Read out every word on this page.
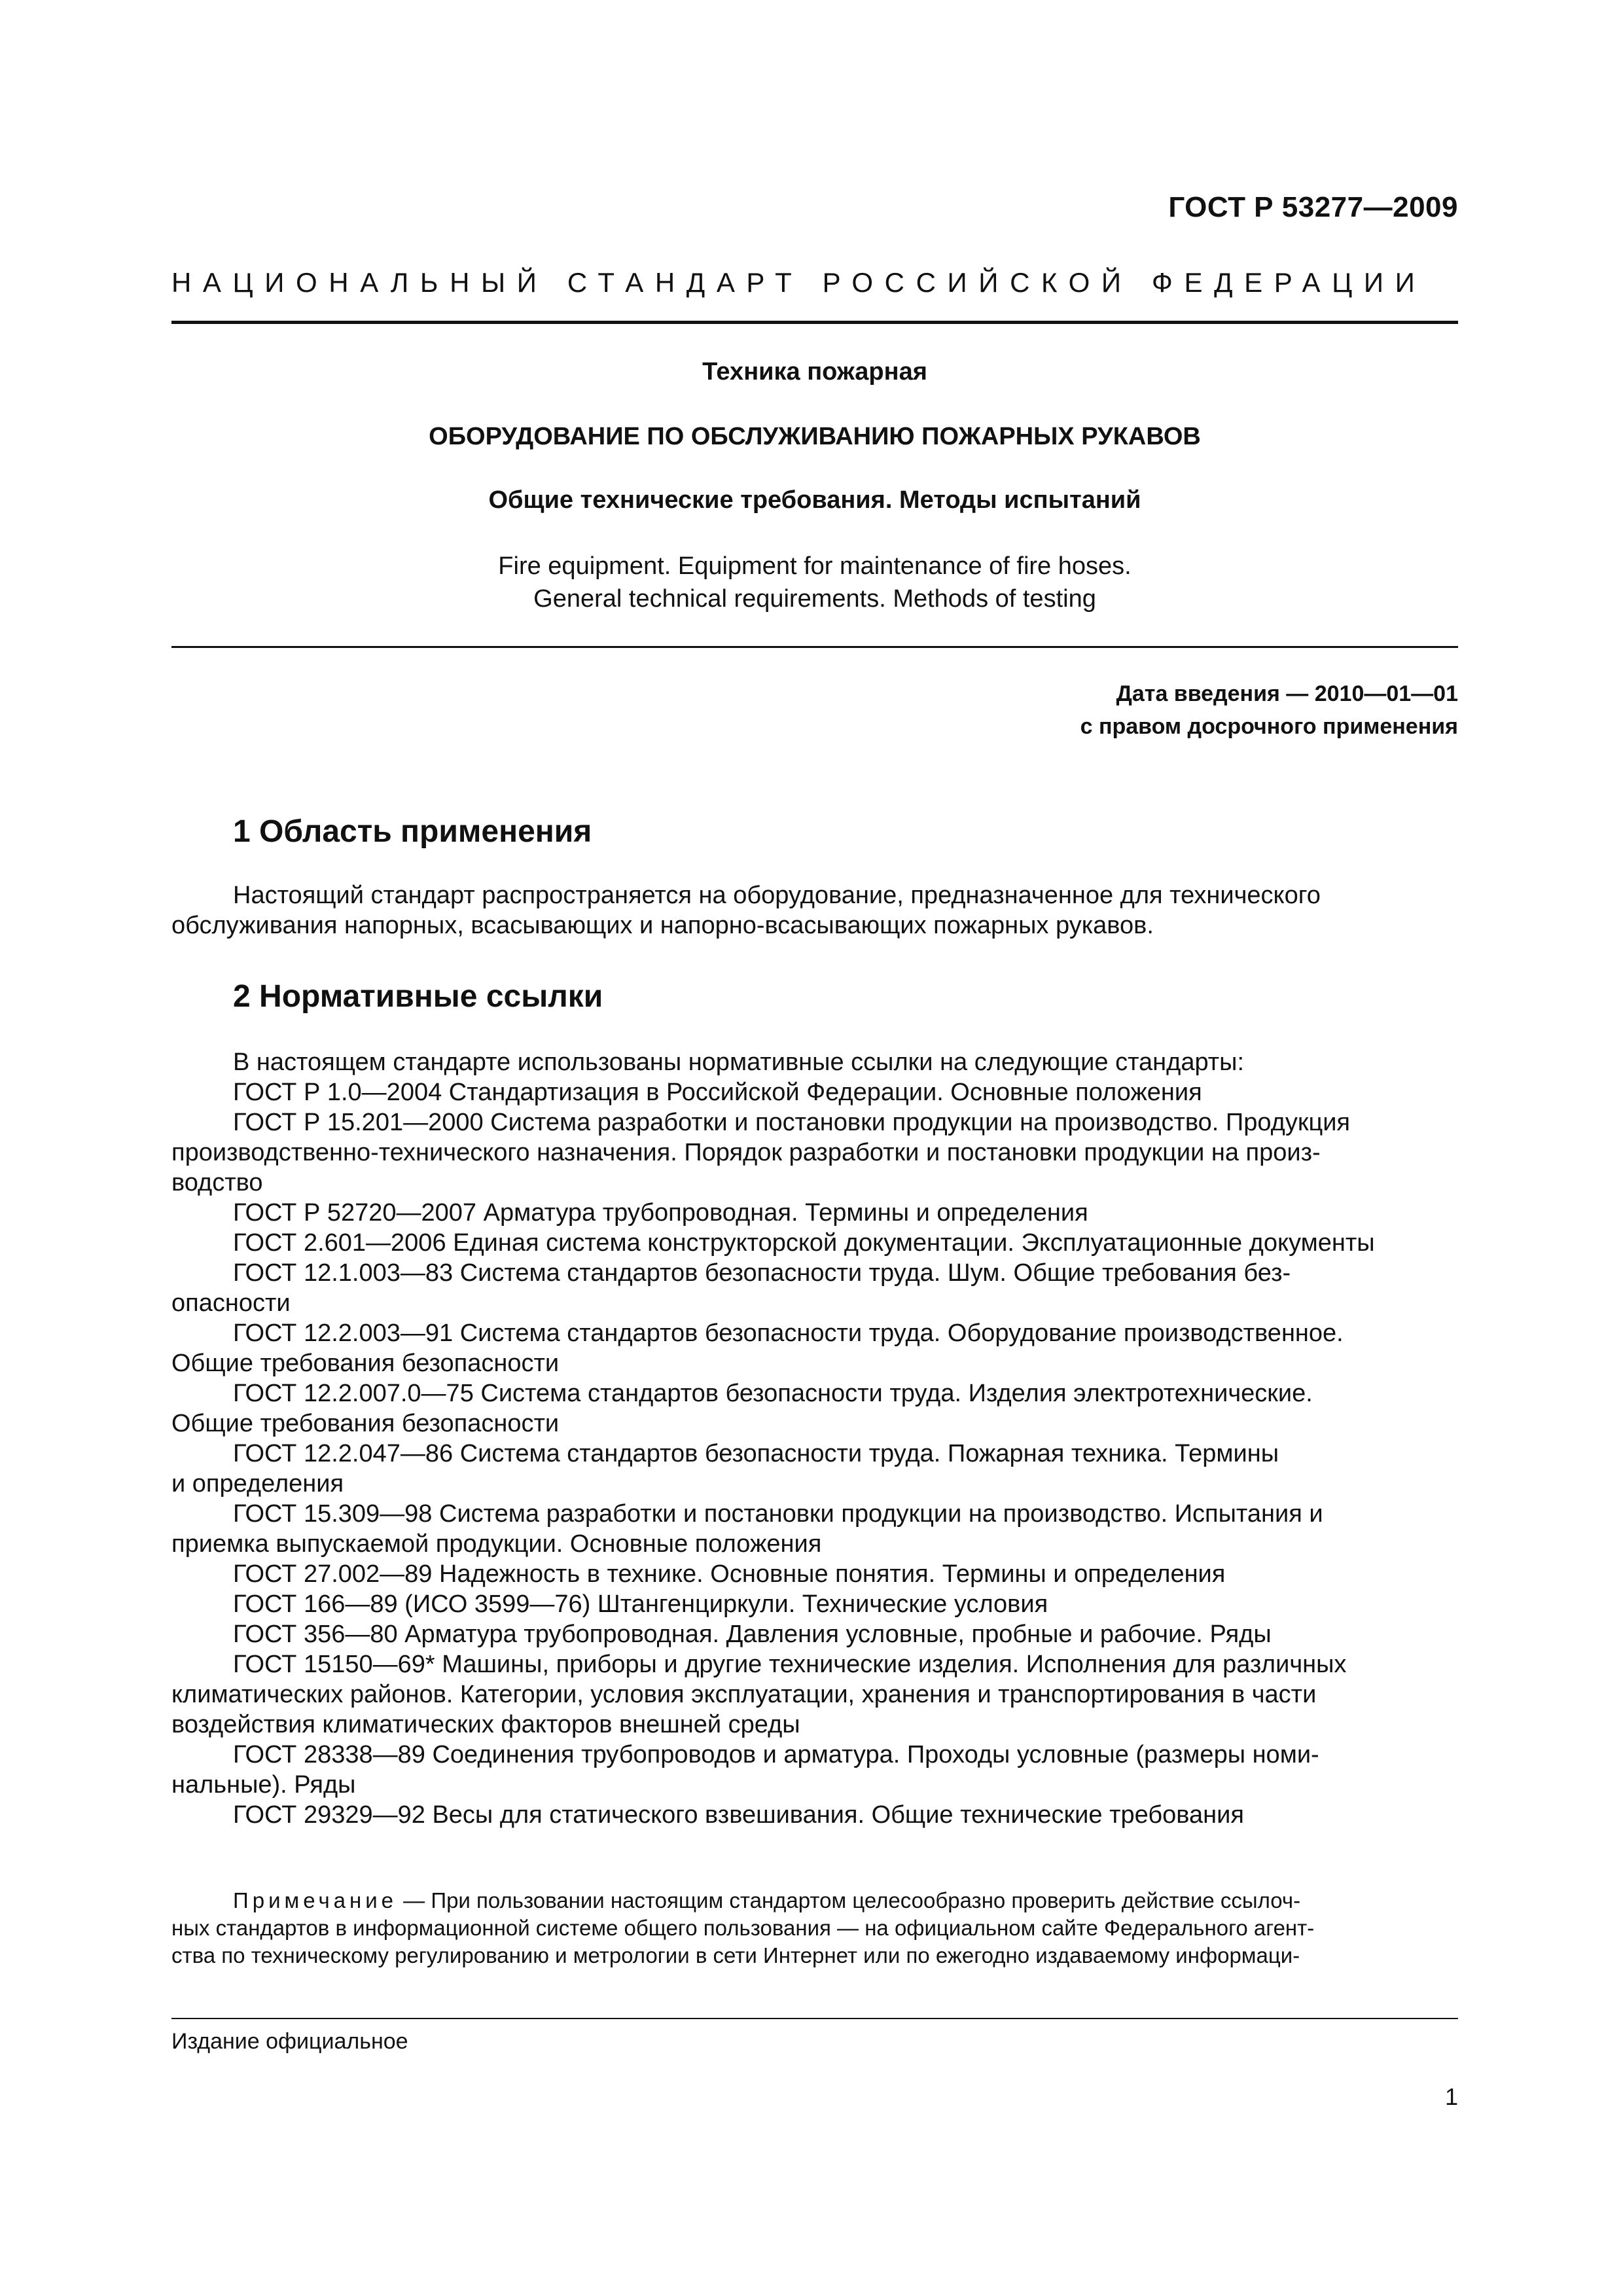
ГОСТ Р 53277—2009
НАЦИОНАЛЬНЫЙ СТАНДАРТ РОССИЙСКОЙ ФЕДЕРАЦИИ
Техника пожарная
ОБОРУДОВАНИЕ ПО ОБСЛУЖИВАНИЮ ПОЖАРНЫХ РУКАВОВ
Общие технические требования. Методы испытаний
Fire equipment. Equipment for maintenance of fire hoses.
General technical requirements. Methods of testing
Дата введения — 2010—01—01
с правом досрочного применения
1 Область применения
Настоящий стандарт распространяется на оборудование, предназначенное для технического
обслуживания напорных, всасывающих и напорно-всасывающих пожарных рукавов.
2 Нормативные ссылки
В настоящем стандарте использованы нормативные ссылки на следующие стандарты:
ГОСТ Р 1.0—2004 Стандартизация в Российской Федерации. Основные положения
ГОСТ Р 15.201—2000 Система разработки и постановки продукции на производство. Продукция
производственно-технического назначения. Порядок разработки и постановки продукции на произ-
водство
ГОСТ Р 52720—2007 Арматура трубопроводная. Термины и определения
ГОСТ 2.601—2006 Единая система конструкторской документации. Эксплуатационные документы
ГОСТ 12.1.003—83 Система стандартов безопасности труда. Шум. Общие требования без-
опасности
ГОСТ 12.2.003—91 Система стандартов безопасности труда. Оборудование производственное.
Общие требования безопасности
ГОСТ 12.2.007.0—75 Система стандартов безопасности труда. Изделия электротехнические.
Общие требования безопасности
ГОСТ 12.2.047—86 Система стандартов безопасности труда. Пожарная техника. Термины
и определения
ГОСТ 15.309—98 Система разработки и постановки продукции на производство. Испытания и
приемка выпускаемой продукции. Основные положения
ГОСТ 27.002—89 Надежность в технике. Основные понятия. Термины и определения
ГОСТ 166—89 (ИСО 3599—76) Штангенциркули. Технические условия
ГОСТ 356—80 Арматура трубопроводная. Давления условные, пробные и рабочие. Ряды
ГОСТ 15150—69* Машины, приборы и другие технические изделия. Исполнения для различных
климатических районов. Категории, условия эксплуатации, хранения и транспортирования в части
воздействия климатических факторов внешней среды
ГОСТ 28338—89 Соединения трубопроводов и арматура. Проходы условные (размеры номи-
нальные). Ряды
ГОСТ 29329—92 Весы для статического взвешивания. Общие технические требования
Примечание — При пользовании настоящим стандартом целесообразно проверить действие ссылоч-
ных стандартов в информационной системе общего пользования — на официальном сайте Федерального агент-
ства по техническому регулированию и метрологии в сети Интернет или по ежегодно издаваемому информаци-
Издание официальное
1
